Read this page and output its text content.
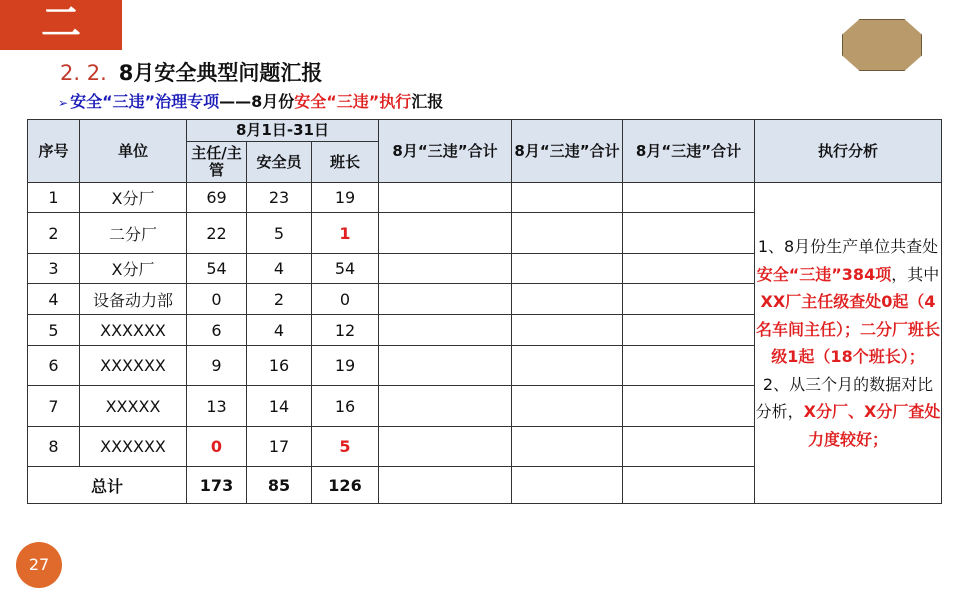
二
2. 2. 8月安全典型问题汇报
➢ 安全“三违”治理专项——8月份安全“三违”执行汇报
序号	单位	8月1日-31日			8月“三违”合计	8月“三违”合计	8月“三违”合计	执行分析
		主任/主管	安全员	班长				
1	X分厂	69	23	19				1、8月份生产单位共查处安全“三违”384项，其中XX厂主任级查处0起（4名车间主任）；二分厂班长级1起（18个班长）；
2、从三个月的数据对比分析，X分厂、X分厂查处力度较好；
2	二分厂	22	5	1				
3	X分厂	54	4	54				
4	设备动力部	0	2	0				
5	XXXXXX	6	4	12				
6	XXXXXX	9	16	19				
7	XXXXX	13	14	16				
8	XXXXXX	0	17	5				
总计		173	85	126				
27
